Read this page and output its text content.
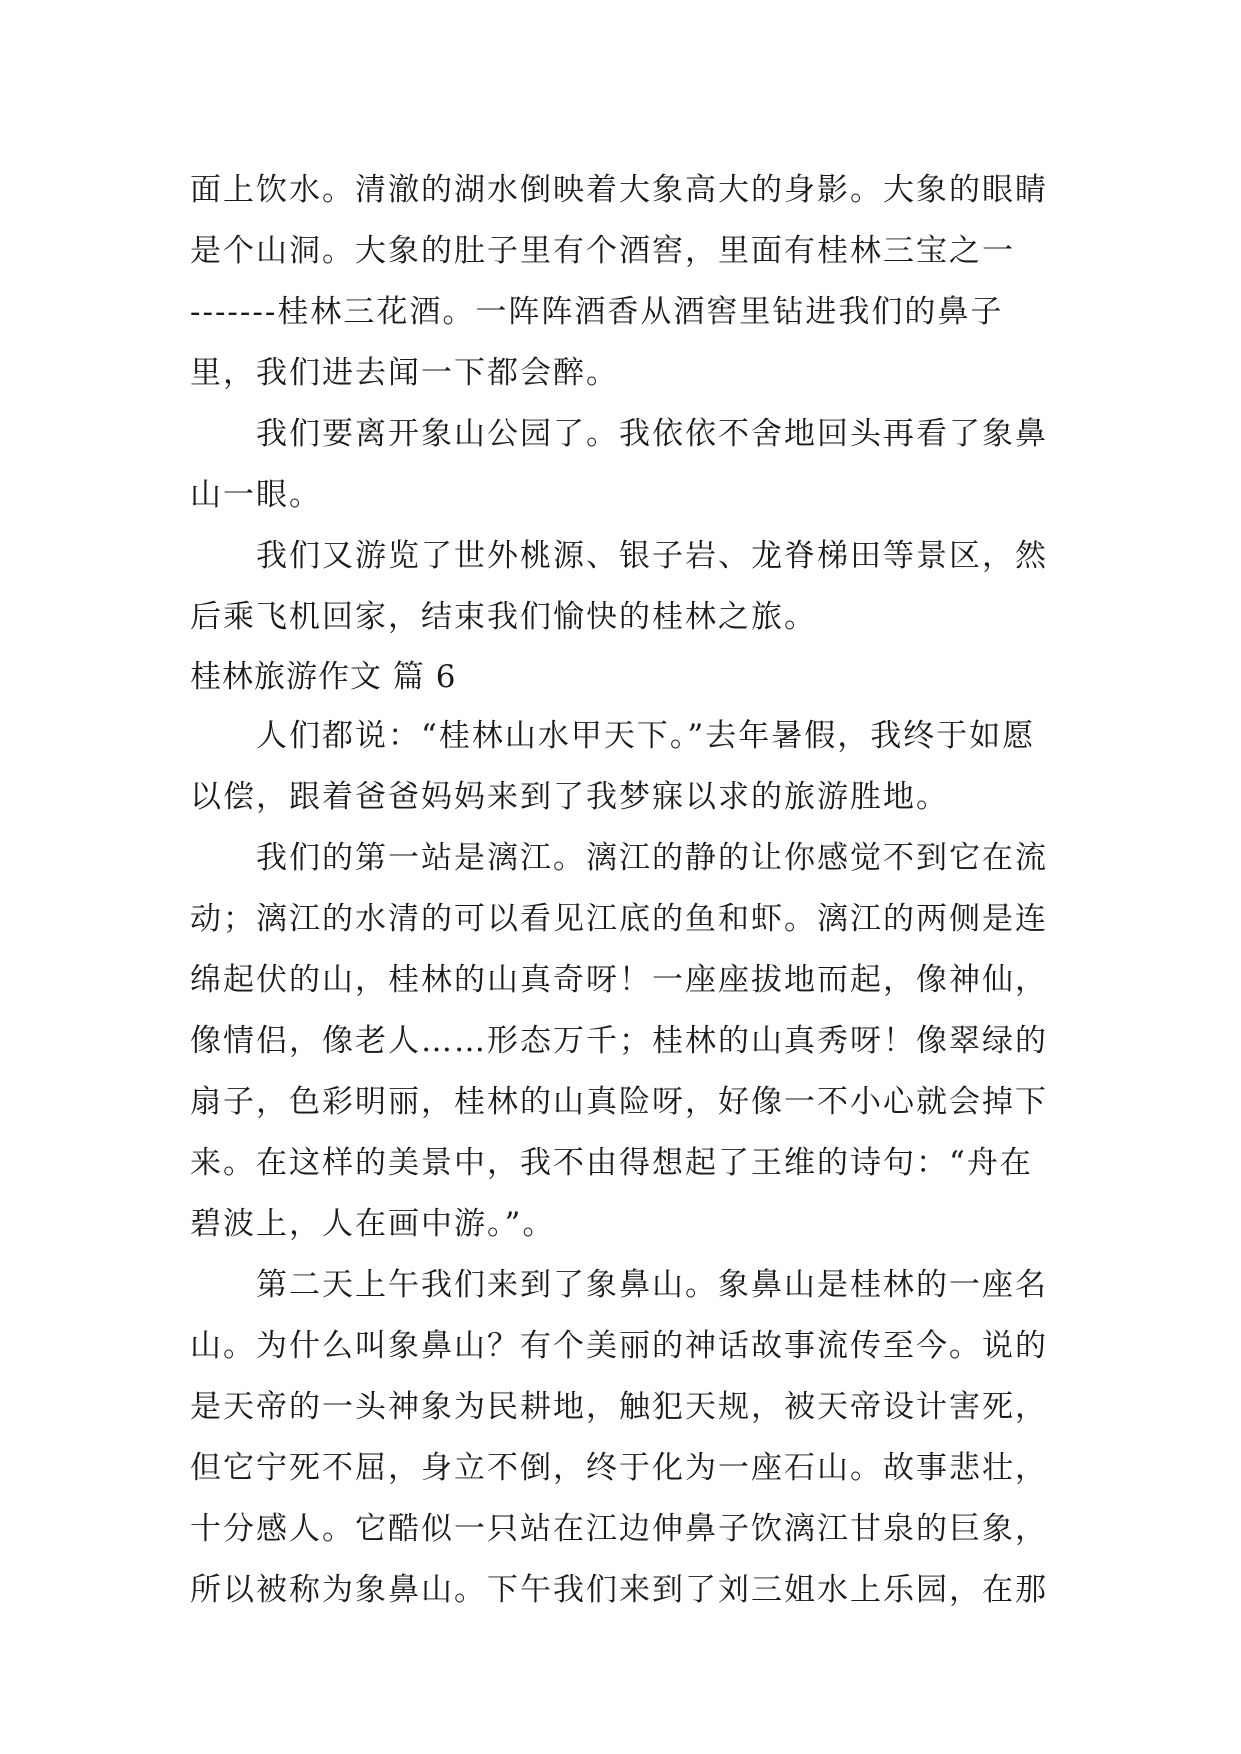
面上饮水。清澈的湖水倒映着大象高大的身影。大象的眼睛
是个山洞。大象的肚子里有个酒窖，里面有桂林三宝之一
-------桂林三花酒。一阵阵酒香从酒窖里钻进我们的鼻子
里，我们进去闻一下都会醉。
我们要离开象山公园了。我依依不舍地回头再看了象鼻
山一眼。
我们又游览了世外桃源、银子岩、龙脊梯田等景区，然
后乘飞机回家，结束我们愉快的桂林之旅。
桂林旅游作文 篇 6
人们都说：“桂林山水甲天下。”去年暑假，我终于如愿
以偿，跟着爸爸妈妈来到了我梦寐以求的旅游胜地。
我们的第一站是漓江。漓江的静的让你感觉不到它在流
动；漓江的水清的可以看见江底的鱼和虾。漓江的两侧是连
绵起伏的山，桂林的山真奇呀！一座座拔地而起，像神仙，
像情侣，像老人……形态万千；桂林的山真秀呀！像翠绿的
扇子，色彩明丽，桂林的山真险呀，好像一不小心就会掉下
来。在这样的美景中，我不由得想起了王维的诗句：“舟在
碧波上，人在画中游。”。
第二天上午我们来到了象鼻山。象鼻山是桂林的一座名
山。为什么叫象鼻山？有个美丽的神话故事流传至今。说的
是天帝的一头神象为民耕地，触犯天规，被天帝设计害死，
但它宁死不屈，身立不倒，终于化为一座石山。故事悲壮，
十分感人。它酷似一只站在江边伸鼻子饮漓江甘泉的巨象，
所以被称为象鼻山。下午我们来到了刘三姐水上乐园，在那
